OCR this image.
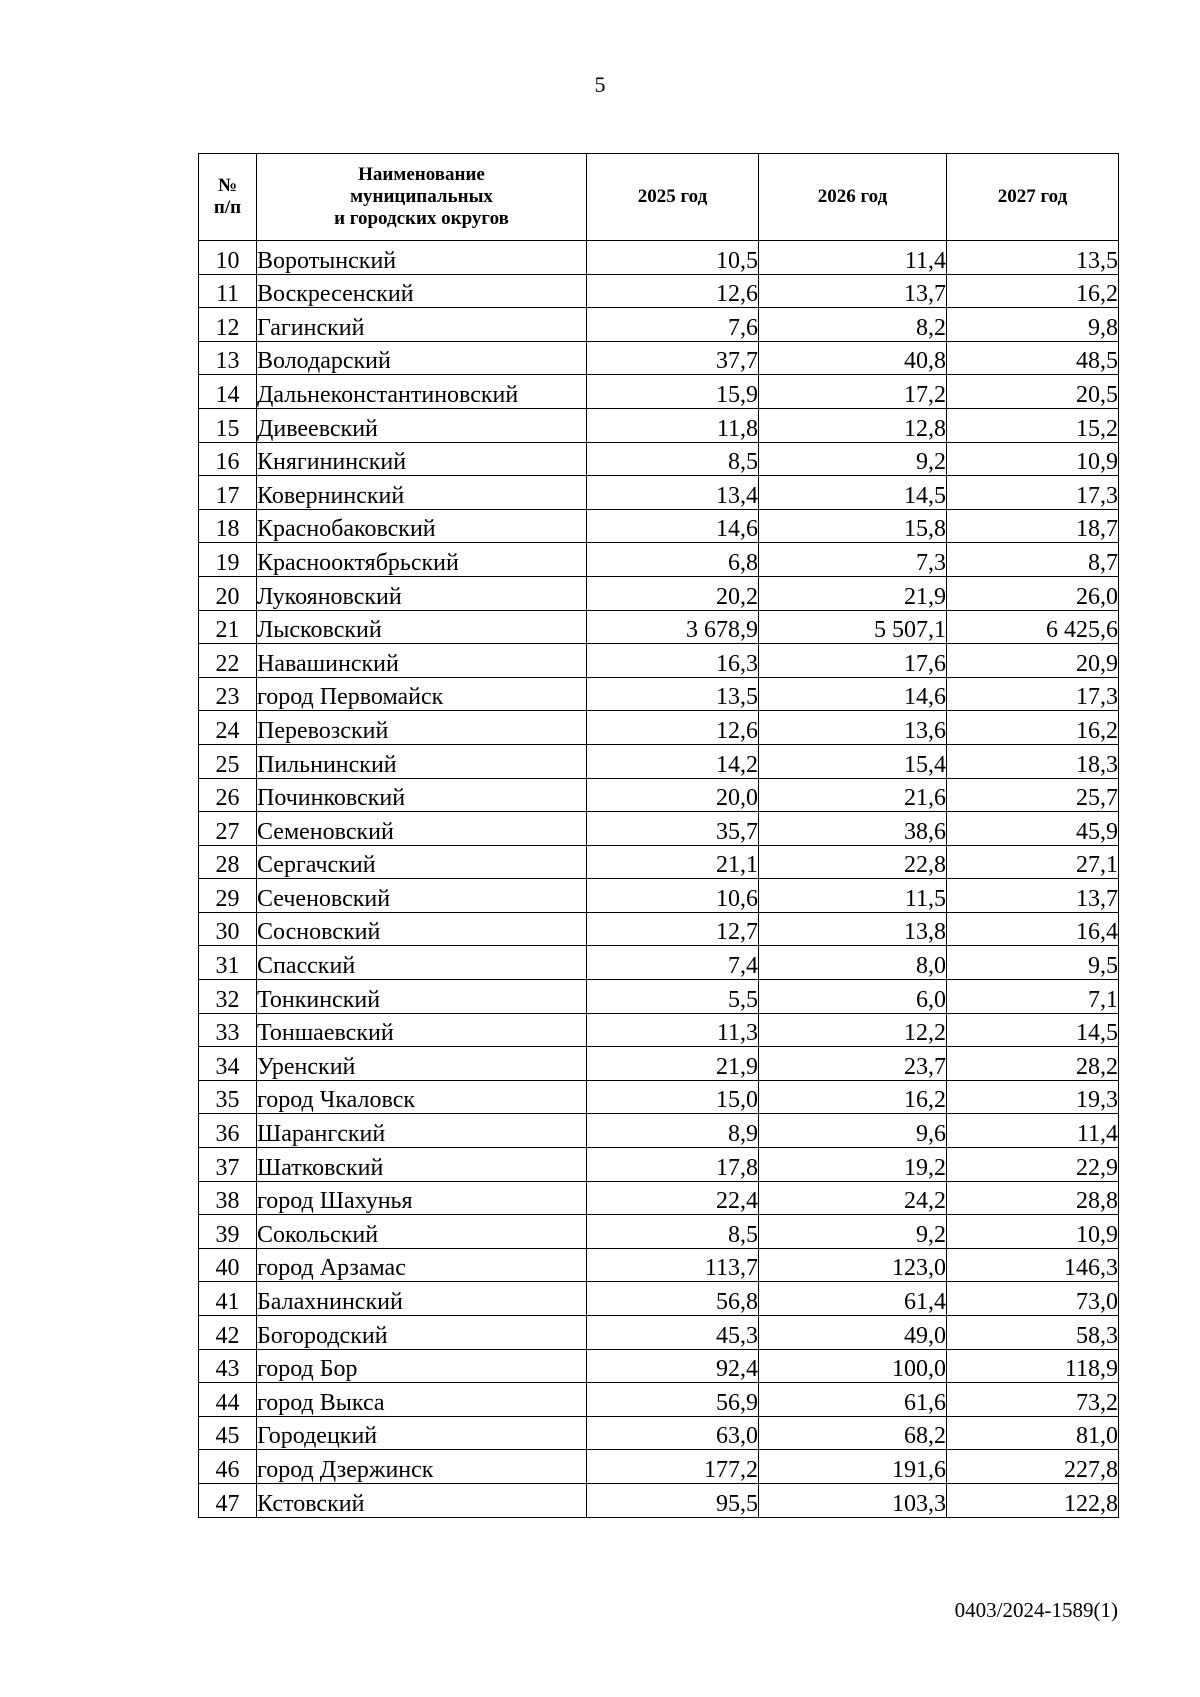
5
№
п/п	Наименование
муниципальных
и городских округов	2025 год	2026 год	2027 год
10	Воротынский	10,5	11,4	13,5
11	Воскресенский	12,6	13,7	16,2
12	Гагинский	7,6	8,2	9,8
13	Володарский	37,7	40,8	48,5
14	Дальнеконстантиновский	15,9	17,2	20,5
15	Дивеевский	11,8	12,8	15,2
16	Княгининский	8,5	9,2	10,9
17	Ковернинский	13,4	14,5	17,3
18	Краснобаковский	14,6	15,8	18,7
19	Краснооктябрьский	6,8	7,3	8,7
20	Лукояновский	20,2	21,9	26,0
21	Лысковский	3 678,9	5 507,1	6 425,6
22	Навашинский	16,3	17,6	20,9
23	город Первомайск	13,5	14,6	17,3
24	Перевозский	12,6	13,6	16,2
25	Пильнинский	14,2	15,4	18,3
26	Починковский	20,0	21,6	25,7
27	Семеновский	35,7	38,6	45,9
28	Сергачский	21,1	22,8	27,1
29	Сеченовский	10,6	11,5	13,7
30	Сосновский	12,7	13,8	16,4
31	Спасский	7,4	8,0	9,5
32	Тонкинский	5,5	6,0	7,1
33	Тоншаевский	11,3	12,2	14,5
34	Уренский	21,9	23,7	28,2
35	город Чкаловск	15,0	16,2	19,3
36	Шарангский	8,9	9,6	11,4
37	Шатковский	17,8	19,2	22,9
38	город Шахунья	22,4	24,2	28,8
39	Сокольский	8,5	9,2	10,9
40	город Арзамас	113,7	123,0	146,3
41	Балахнинский	56,8	61,4	73,0
42	Богородский	45,3	49,0	58,3
43	город Бор	92,4	100,0	118,9
44	город Выкса	56,9	61,6	73,2
45	Городецкий	63,0	68,2	81,0
46	город Дзержинск	177,2	191,6	227,8
47	Кстовский	95,5	103,3	122,8
0403/2024-1589(1)
